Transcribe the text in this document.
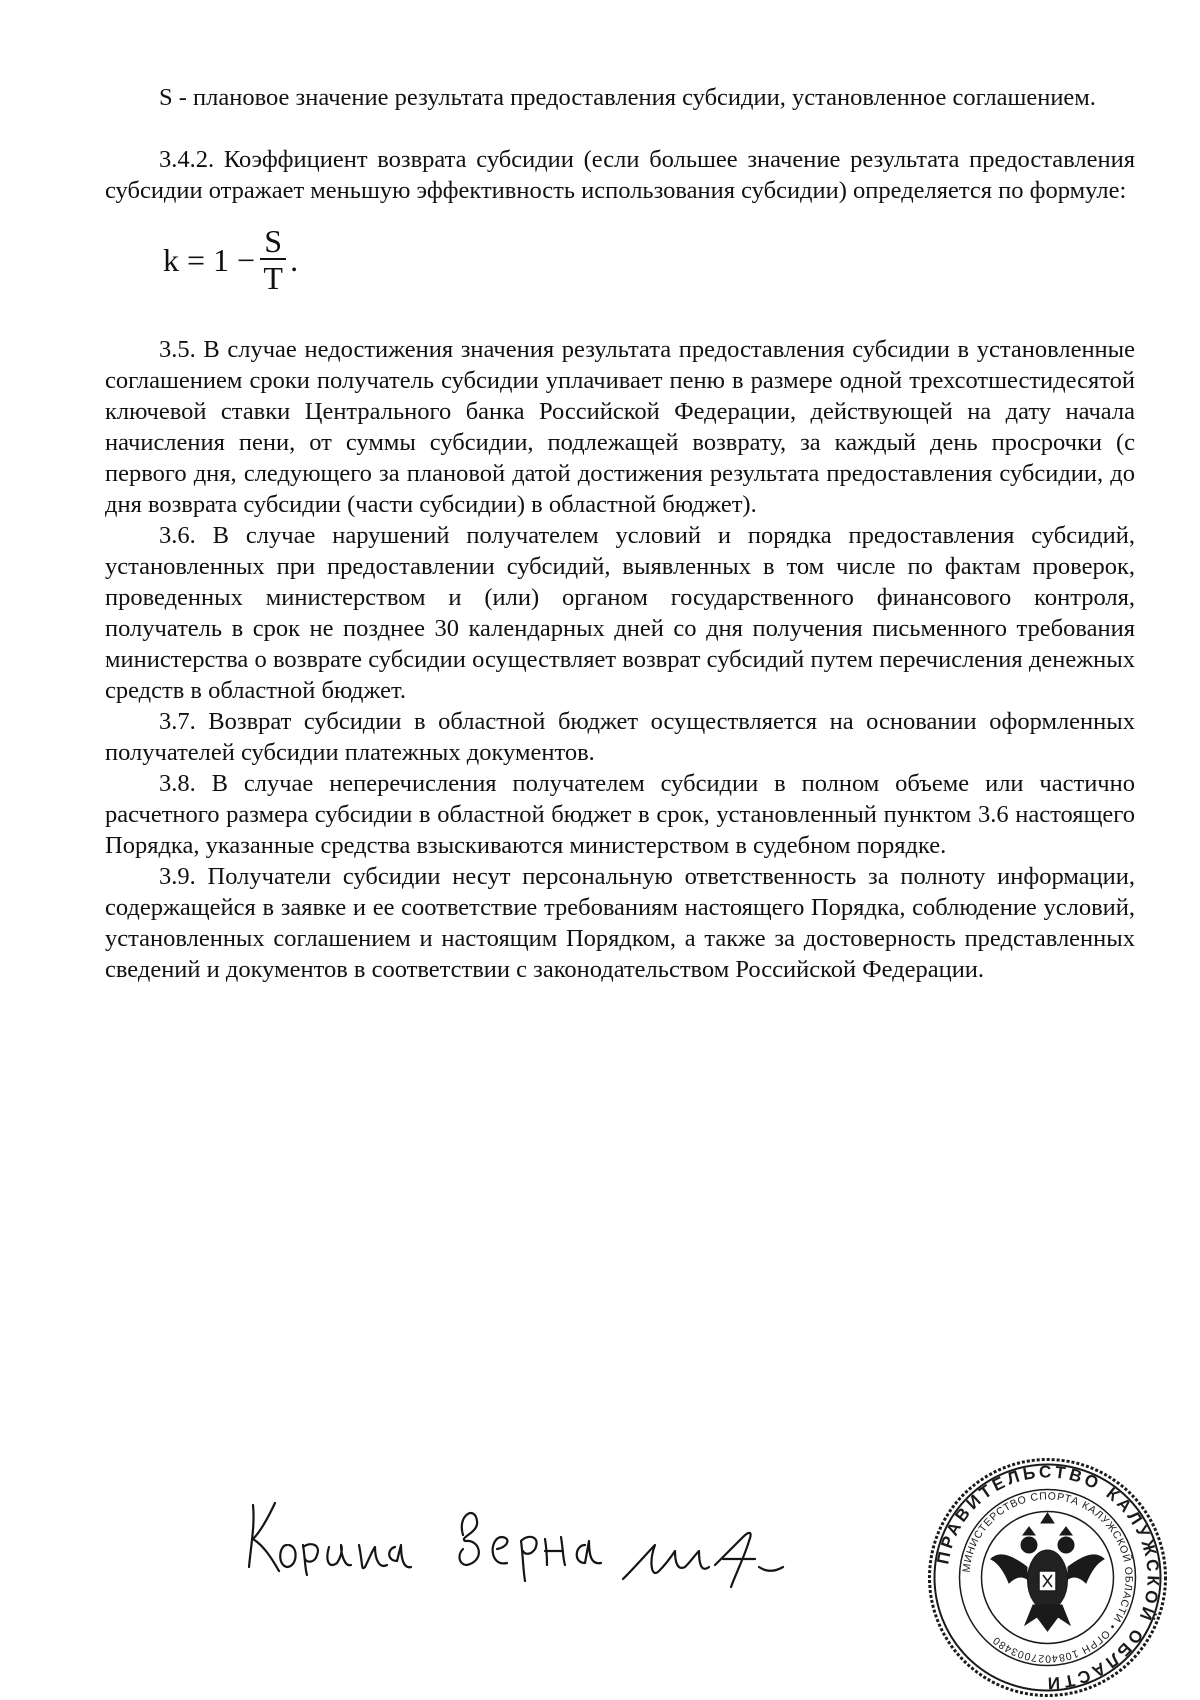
S - плановое значение результата предоставления субсидии, установленное соглашением.

3.4.2. Коэффициент возврата субсидии (если большее значение результата предоставления субсидии отражает меньшую эффективность использования субсидии) определяется по формуле:

$k = 1 - \frac{S}{T}$ .

3.5. В случае недостижения значения результата предоставления субсидии в установленные соглашением сроки получатель субсидии уплачивает пеню в размере одной трехсотшестидесятой ключевой ставки Центрального банка Российской Федерации, действующей на дату начала начисления пени, от суммы субсидии, подлежащей возврату, за каждый день просрочки (с первого дня, следующего за плановой датой достижения результата предоставления субсидии, до дня возврата субсидии (части субсидии) в областной бюджет).

3.6. В случае нарушений получателем условий и порядка предоставления субсидий, установленных при предоставлении субсидий, выявленных в том числе по фактам проверок, проведенных министерством и (или) органом государственного финансового контроля, получатель в срок не позднее 30 календарных дней со дня получения письменного требования министерства о возврате субсидии осуществляет возврат субсидий путем перечисления денежных средств в областной бюджет.

3.7. Возврат субсидии в областной бюджет осуществляется на основании оформленных получателей субсидии платежных документов.

3.8. В случае неперечисления получателем субсидии в полном объеме или частично расчетного размера субсидии в областной бюджет в срок, установленный пунктом 3.6 настоящего Порядка, указанные средства взыскиваются министерством в судебном порядке.

3.9. Получатели субсидии несут персональную ответственность за полноту информации, содержащейся в заявке и ее соответствие требованиям настоящего Порядка, соблюдение условий, установленных соглашением и настоящим Порядком, а также за достоверность представленных сведений и документов в соответствии с законодательством Российской Федерации.

ПРАВИТЕЛЬСТВО КАЛУЖСКОЙ ОБЛАСТИ
МИНИСТЕРСТВО СПОРТА КАЛУЖСКОЙ ОБЛАСТИ • ОГРН 1084027003480
